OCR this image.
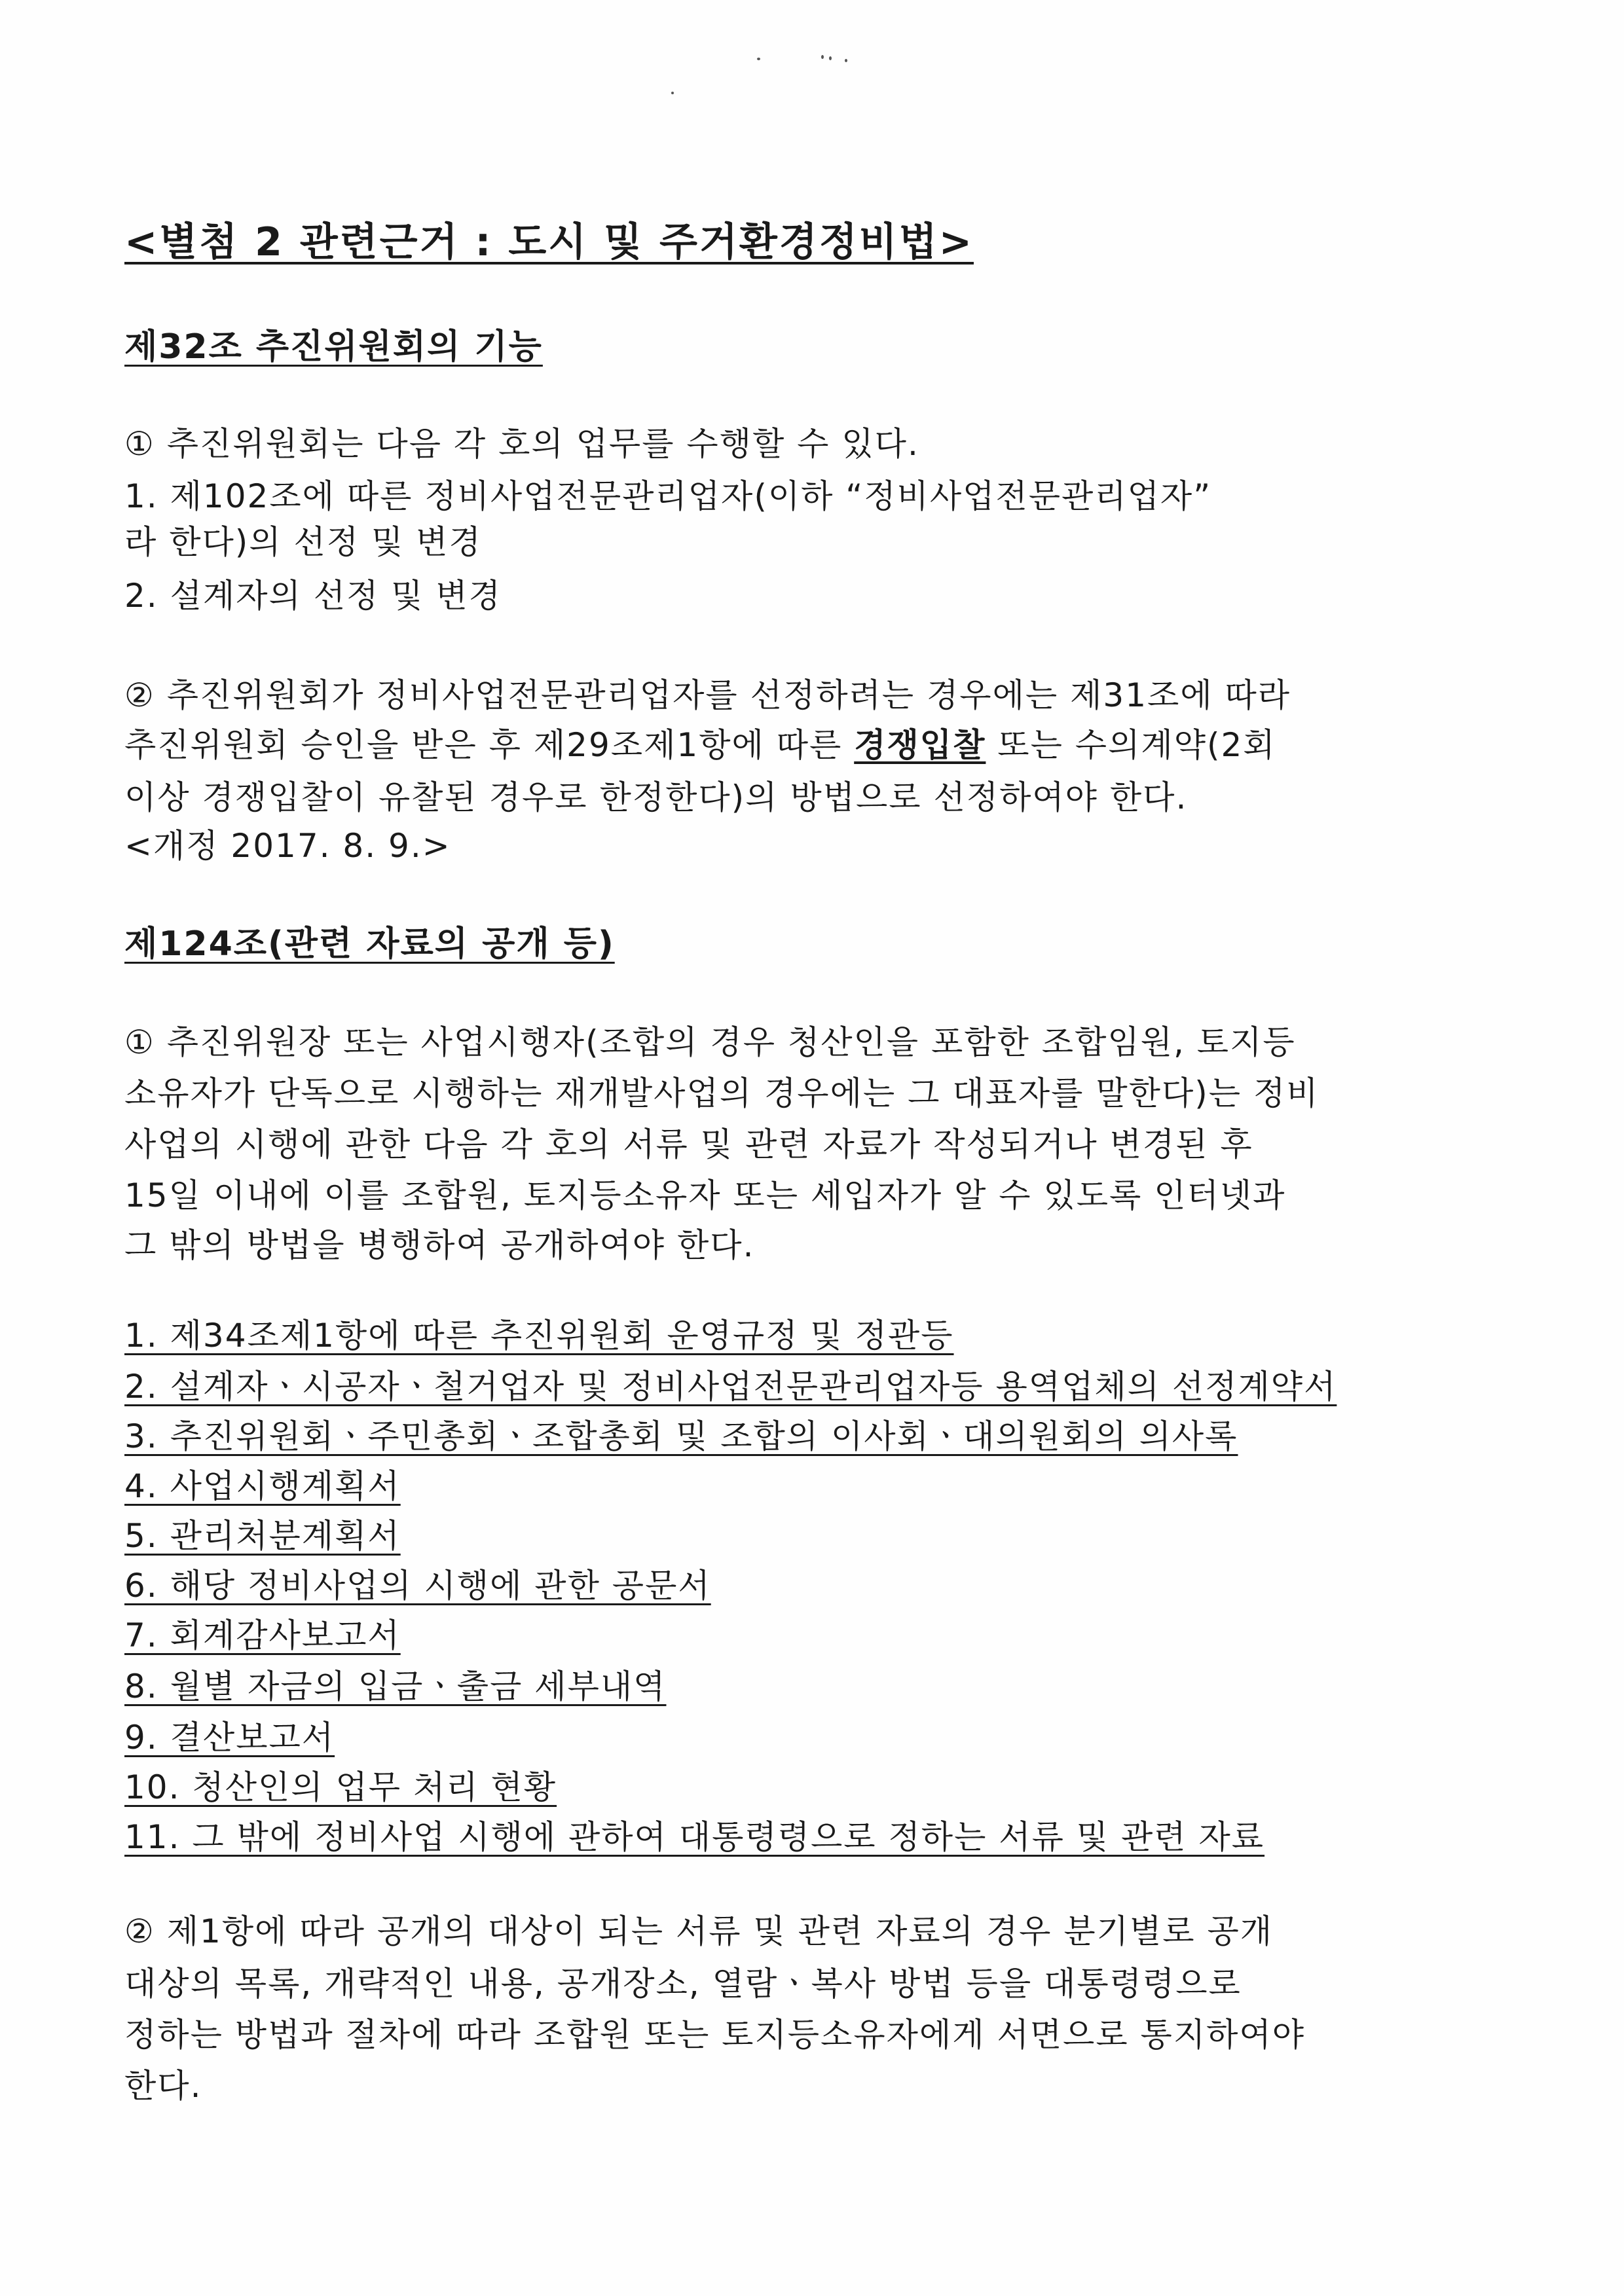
<별첨 2 관련근거 : 도시 및 주거환경정비법>
제32조 추진위원회의 기능
① 추진위원회는 다음 각 호의 업무를 수행할 수 있다.
1. 제102조에 따른 정비사업전문관리업자(이하 “정비사업전문관리업자”
라 한다)의 선정 및 변경
2. 설계자의 선정 및 변경
② 추진위원회가 정비사업전문관리업자를 선정하려는 경우에는 제31조에 따라
추진위원회 승인을 받은 후 제29조제1항에 따른 경쟁입찰 또는 수의계약(2회
이상 경쟁입찰이 유찰된 경우로 한정한다)의 방법으로 선정하여야 한다.
<개정 2017. 8. 9.>
제124조(관련 자료의 공개 등)
① 추진위원장 또는 사업시행자(조합의 경우 청산인을 포함한 조합임원, 토지등
소유자가 단독으로 시행하는 재개발사업의 경우에는 그 대표자를 말한다)는 정비
사업의 시행에 관한 다음 각 호의 서류 및 관련 자료가 작성되거나 변경된 후
15일 이내에 이를 조합원, 토지등소유자 또는 세입자가 알 수 있도록 인터넷과
그 밖의 방법을 병행하여 공개하여야 한다.
1. 제34조제1항에 따른 추진위원회 운영규정 및 정관등
2. 설계자ㆍ시공자ㆍ철거업자 및 정비사업전문관리업자등 용역업체의 선정계약서
3. 추진위원회ㆍ주민총회ㆍ조합총회 및 조합의 이사회ㆍ대의원회의 의사록
4. 사업시행계획서
5. 관리처분계획서
6. 해당 정비사업의 시행에 관한 공문서
7. 회계감사보고서
8. 월별 자금의 입금ㆍ출금 세부내역
9. 결산보고서
10. 청산인의 업무 처리 현황
11. 그 밖에 정비사업 시행에 관하여 대통령령으로 정하는 서류 및 관련 자료
② 제1항에 따라 공개의 대상이 되는 서류 및 관련 자료의 경우 분기별로 공개
대상의 목록, 개략적인 내용, 공개장소, 열람ㆍ복사 방법 등을 대통령령으로
정하는 방법과 절차에 따라 조합원 또는 토지등소유자에게 서면으로 통지하여야
한다.
